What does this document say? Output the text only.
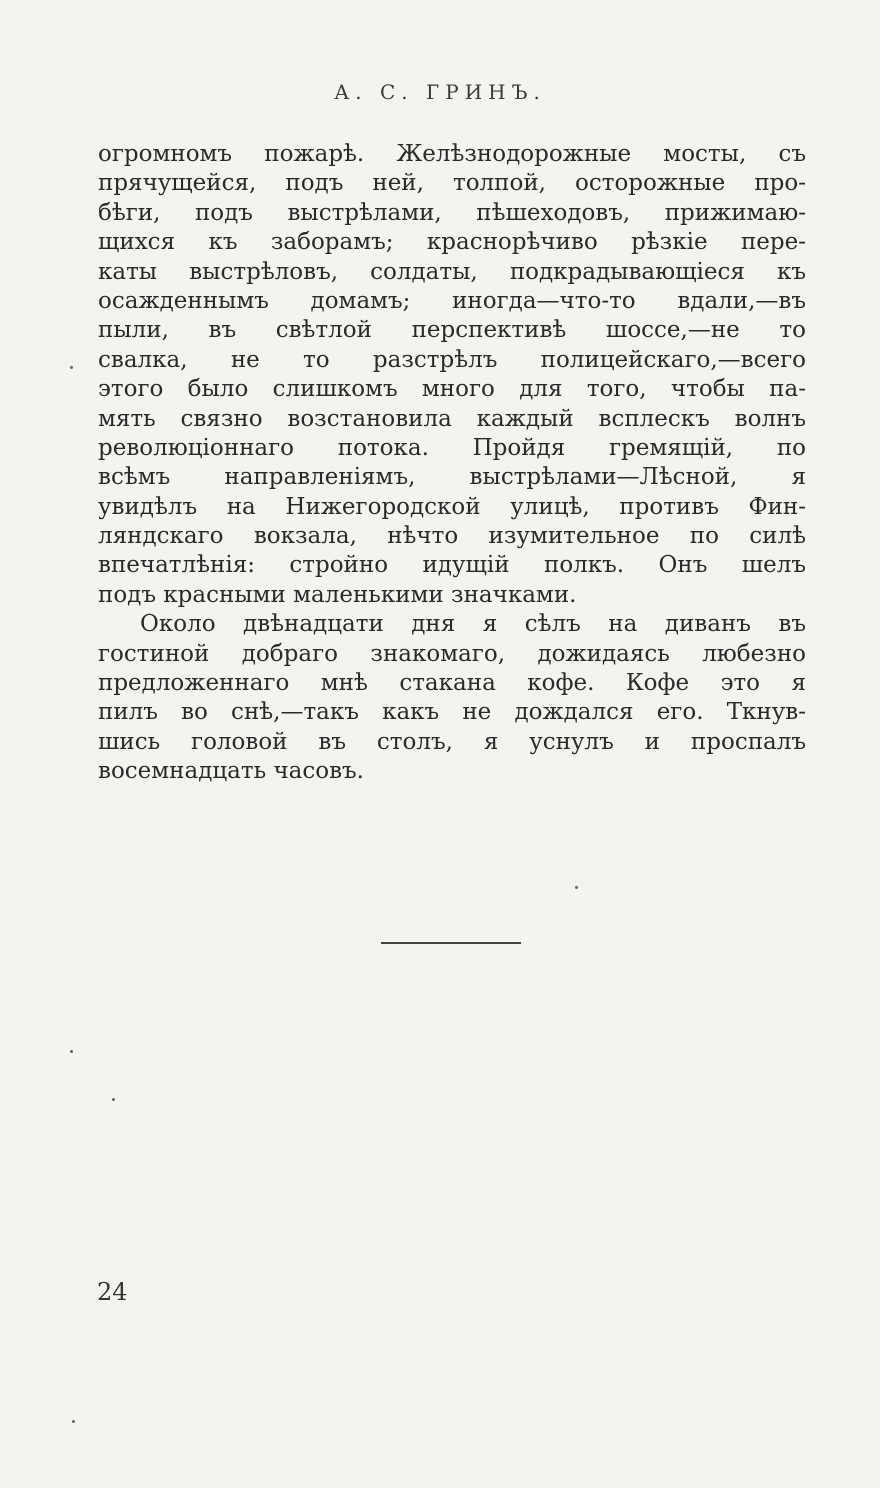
А. С. ГРИНЪ.
огромномъ пожарѣ. Желѣзнодорожные мосты, съ
прячущейся, подъ ней, толпой, осторожные про-
бѣги, подъ выстрѣлами, пѣшеходовъ, прижимаю-
щихся къ заборамъ; краснорѣчиво рѣзкіе пере-
каты выстрѣловъ, солдаты, подкрадывающіеся къ
осажденнымъ домамъ; иногда—что-то вдали,—въ
пыли, въ свѣтлой перспективѣ шоссе,—не то
свалка, не то разстрѣлъ полицейскаго,—всего
этого было слишкомъ много для того, чтобы па-
мять связно возстановила каждый всплескъ волнъ
революціоннаго потока. Пройдя гремящій, по
всѣмъ направленіямъ, выстрѣлами—Лѣсной, я
увидѣлъ на Нижегородской улицѣ, противъ Фин-
ляндскаго вокзала, нѣчто изумительное по силѣ
впечатлѣнія: стройно идущій полкъ. Онъ шелъ
подъ красными маленькими значками.
Около двѣнадцати дня я сѣлъ на диванъ въ
гостиной добраго знакомаго, дожидаясь любезно
предложеннаго мнѣ стакана кофе. Кофе это я
пилъ во снѣ,—такъ какъ не дождался его. Ткнув-
шись головой въ столъ, я уснулъ и проспалъ
восемнадцать часовъ.
24
